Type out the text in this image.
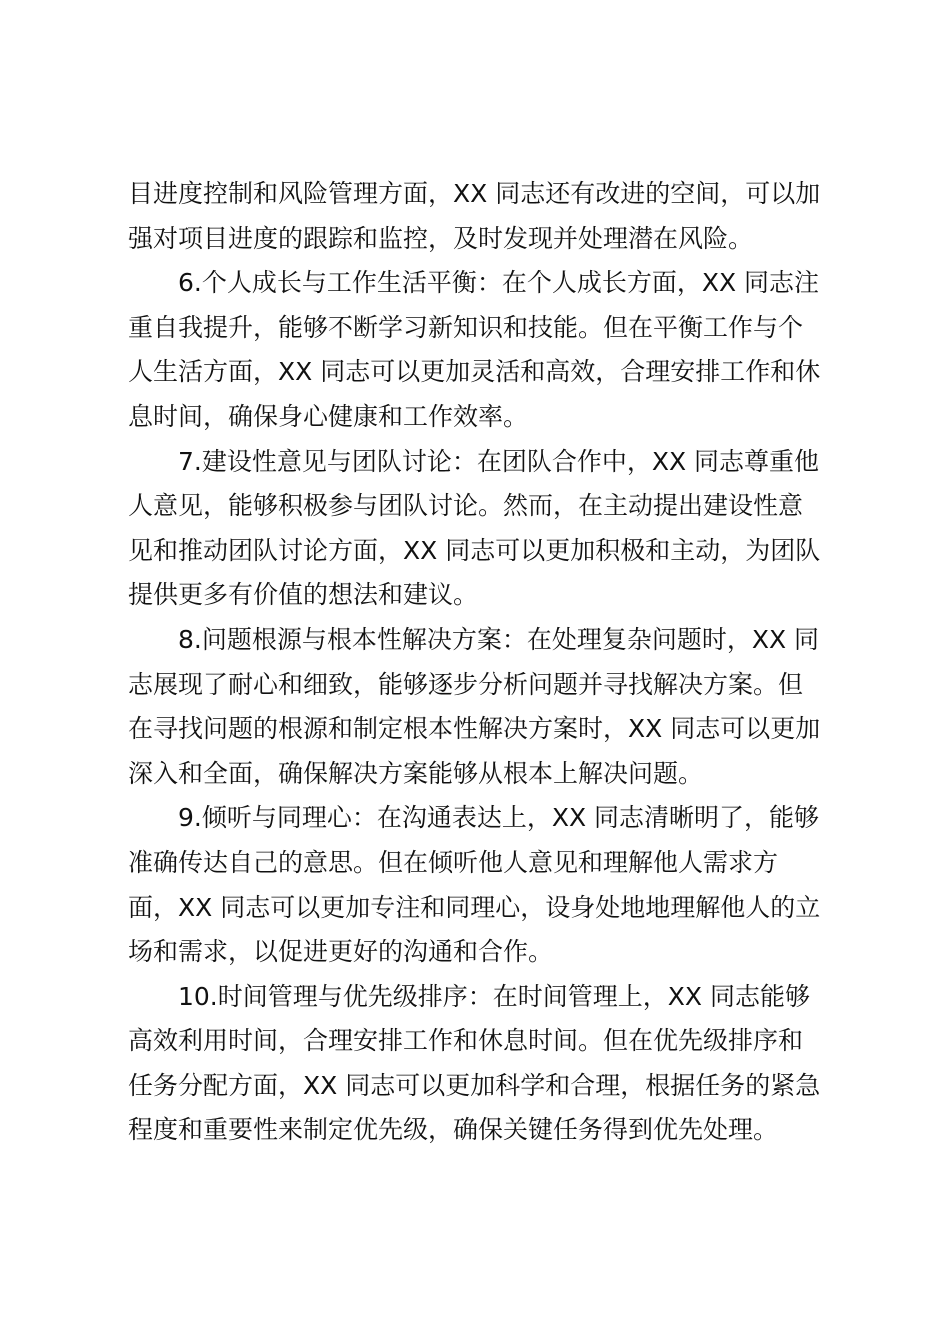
目进度控制和风险管理方面，XX 同志还有改进的空间，可以加
强对项目进度的跟踪和监控，及时发现并处理潜在风险。
6.个人成长与工作生活平衡：在个人成长方面，XX 同志注
重自我提升，能够不断学习新知识和技能。但在平衡工作与个
人生活方面，XX 同志可以更加灵活和高效，合理安排工作和休
息时间，确保身心健康和工作效率。
7.建设性意见与团队讨论：在团队合作中，XX 同志尊重他
人意见，能够积极参与团队讨论。然而，在主动提出建设性意
见和推动团队讨论方面，XX 同志可以更加积极和主动，为团队
提供更多有价值的想法和建议。
8.问题根源与根本性解决方案：在处理复杂问题时，XX 同
志展现了耐心和细致，能够逐步分析问题并寻找解决方案。但
在寻找问题的根源和制定根本性解决方案时，XX 同志可以更加
深入和全面，确保解决方案能够从根本上解决问题。
9.倾听与同理心：在沟通表达上，XX 同志清晰明了，能够
准确传达自己的意思。但在倾听他人意见和理解他人需求方
面，XX 同志可以更加专注和同理心，设身处地地理解他人的立
场和需求，以促进更好的沟通和合作。
10.时间管理与优先级排序：在时间管理上，XX 同志能够
高效利用时间，合理安排工作和休息时间。但在优先级排序和
任务分配方面，XX 同志可以更加科学和合理，根据任务的紧急
程度和重要性来制定优先级，确保关键任务得到优先处理。
